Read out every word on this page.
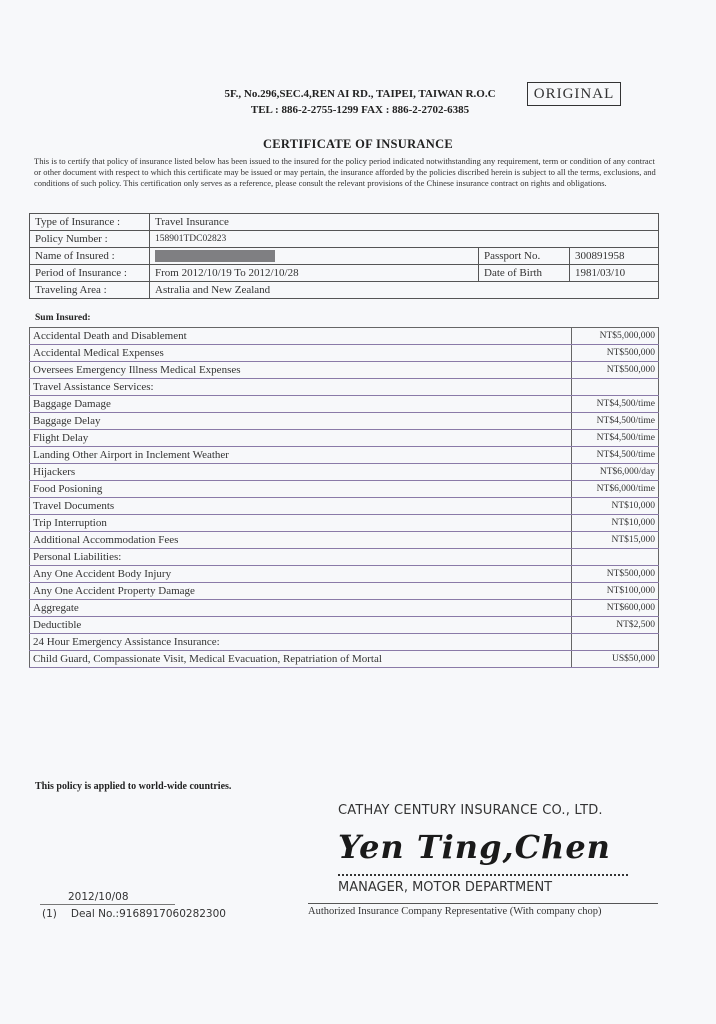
5F., No.296,SEC.4,REN AI RD., TAIPEI, TAIWAN R.O.C
TEL : 886-2-2755-1299 FAX : 886-2-2702-6385
ORIGINAL
CERTIFICATE OF INSURANCE
This is to certify that policy of insurance listed below has been issued to the insured for the policy period indicated notwithstanding any requirement, term or condition of any contract or other document with respect to which this certificate may be issued or may pertain, the insurance afforded by the policies discribed herein is subject to all the terms, exclusions, and conditions of such policy. This certification only serves as a reference, please consult the relevant provisions of the Chinese insurance contract on rights and obligations.
Type of Insurance :	Travel Insurance		
Policy Number :	158901TDC02823		
Name of Insured :		Passport No.	300891958
Period of Insurance :	From 2012/10/19 To 2012/10/28	Date of Birth	1981/03/10
Traveling Area :	Astralia and New Zealand		
Sum Insured:
Accidental Death and Disablement	NT$5,000,000
Accidental Medical Expenses	NT$500,000
Oversees Emergency Illness Medical Expenses	NT$500,000
Travel Assistance Services:	
Baggage Damage	NT$4,500/time
Baggage Delay	NT$4,500/time
Flight Delay	NT$4,500/time
Landing Other Airport in Inclement Weather	NT$4,500/time
Hijackers	NT$6,000/day
Food Posioning	NT$6,000/time
Travel Documents	NT$10,000
Trip Interruption	NT$10,000
Additional Accommodation Fees	NT$15,000
Personal Liabilities:	
Any One Accident Body Injury	NT$500,000
Any One Accident Property Damage	NT$100,000
Aggregate	NT$600,000
Deductible	NT$2,500
24 Hour Emergency Assistance Insurance:	
Child Guard, Compassionate Visit, Medical Evacuation, Repatriation of Mortal	US$50,000
This policy is applied to world-wide countries.
CATHAY CENTURY INSURANCE CO., LTD.
Yen Ting,Chen
MANAGER, MOTOR DEPARTMENT
Authorized Insurance Company Representative (With company chop)
2012/10/08
(1) Deal No.:9168917060282300
